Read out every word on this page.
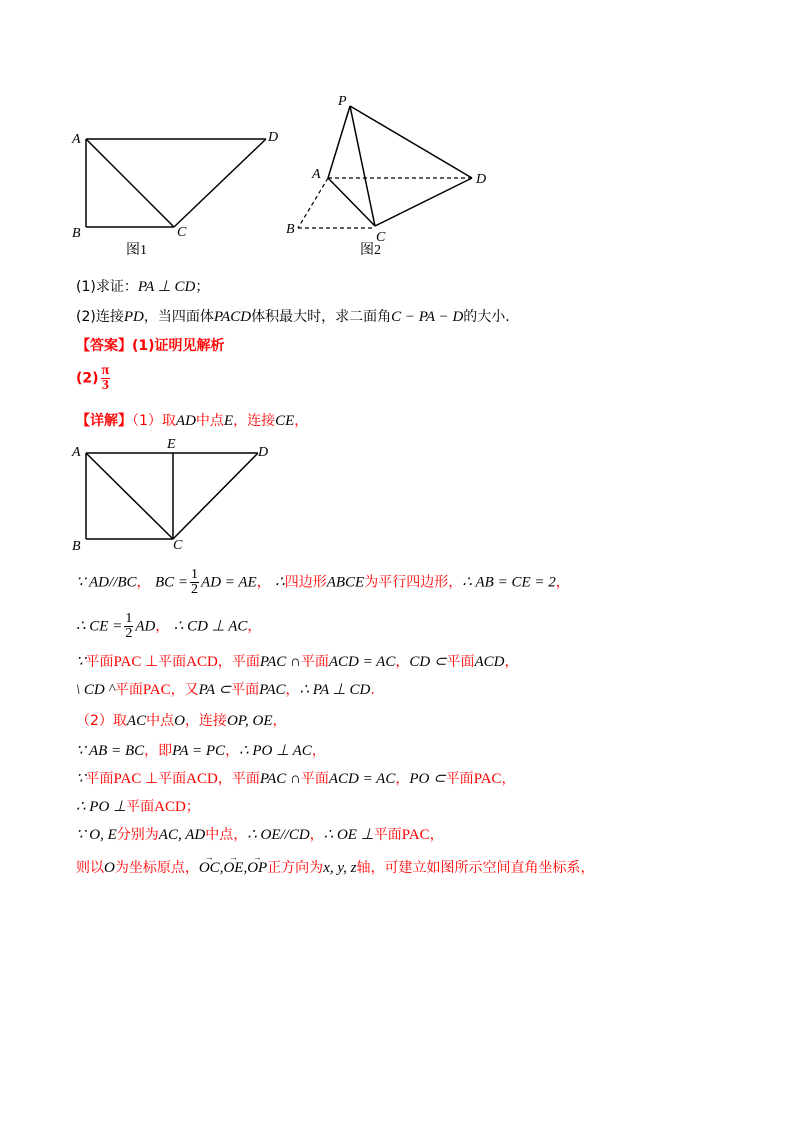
A
B	C
D
图1
P
A
B
C
D
图2
(1)求证：PA ⊥ CD；
(2)连接PD，当四面体PACD体积最大时，求二面角C − PA − D的大小.
【答案】(1)证明见解析
$(2) \frac{\pi}{3}$
【详解】（1）取AD中点E，连接CE，
A
B	C
D
E
∵ AD//BC， BC = $\frac{1}{2}$ AD = AE， ∴四边形ABCE为平行四边形，∴ AB = CE = 2，
∴ CE = $\frac{1}{2}$ AD， ∴ CD ⊥ AC，
∵平面PAC ⊥平面ACD，平面PAC ∩平面ACD = AC，CD ⊂平面ACD，
\ CD ^平面PAC，又PA ⊂平面PAC，∴ PA ⊥ CD.
（2）取AC中点O，连接OP, OE，
∵ AB = BC，即PA = PC，∴ PO ⊥ AC，
∵平面PAC ⊥平面ACD，平面PAC ∩平面ACD = AC，PO ⊂平面PAC，
∴ PO ⊥平面ACD；
∵ O, E分别为AC, AD中点，∴ OE//CD，∴ OE ⊥平面PAC，
则以O为坐标原点，OC →,OE →,OP →正方向为x, y, z轴，可建立如图所示空间直角坐标系，
